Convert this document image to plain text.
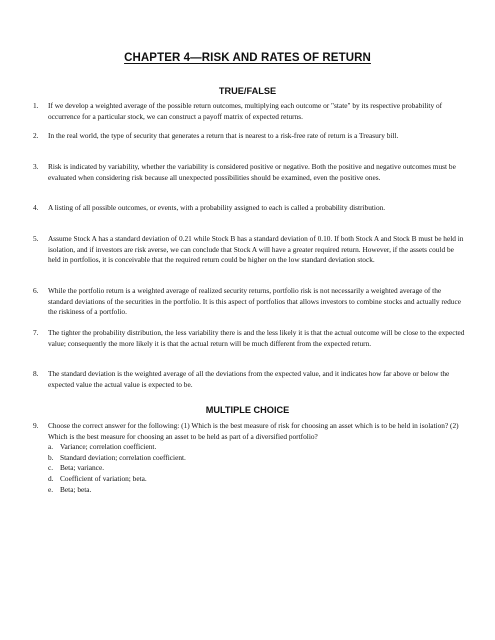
CHAPTER 4—RISK AND RATES OF RETURN
TRUE/FALSE
1. If we develop a weighted average of the possible return outcomes, multiplying each outcome or "state" by its respective probability of occurrence for a particular stock, we can construct a payoff matrix of expected returns.
2. In the real world, the type of security that generates a return that is nearest to a risk-free rate of return is a Treasury bill.
3. Risk is indicated by variability, whether the variability is considered positive or negative. Both the positive and negative outcomes must be evaluated when considering risk because all unexpected possibilities should be examined, even the positive ones.
4. A listing of all possible outcomes, or events, with a probability assigned to each is called a probability distribution.
5. Assume Stock A has a standard deviation of 0.21 while Stock B has a standard deviation of 0.10. If both Stock A and Stock B must be held in isolation, and if investors are risk averse, we can conclude that Stock A will have a greater required return. However, if the assets could be held in portfolios, it is conceivable that the required return could be higher on the low standard deviation stock.
6. While the portfolio return is a weighted average of realized security returns, portfolio risk is not necessarily a weighted average of the standard deviations of the securities in the portfolio. It is this aspect of portfolios that allows investors to combine stocks and actually reduce the riskiness of a portfolio.
7. The tighter the probability distribution, the less variability there is and the less likely it is that the actual outcome will be close to the expected value; consequently the more likely it is that the actual return will be much different from the expected return.
8. The standard deviation is the weighted average of all the deviations from the expected value, and it indicates how far above or below the expected value the actual value is expected to be.
MULTIPLE CHOICE
9. Choose the correct answer for the following: (1) Which is the best measure of risk for choosing an asset which is to be held in isolation? (2) Which is the best measure for choosing an asset to be held as part of a diversified portfolio?
a. Variance; correlation coefficient.
b. Standard deviation; correlation coefficient.
c. Beta; variance.
d. Coefficient of variation; beta.
e. Beta; beta.
